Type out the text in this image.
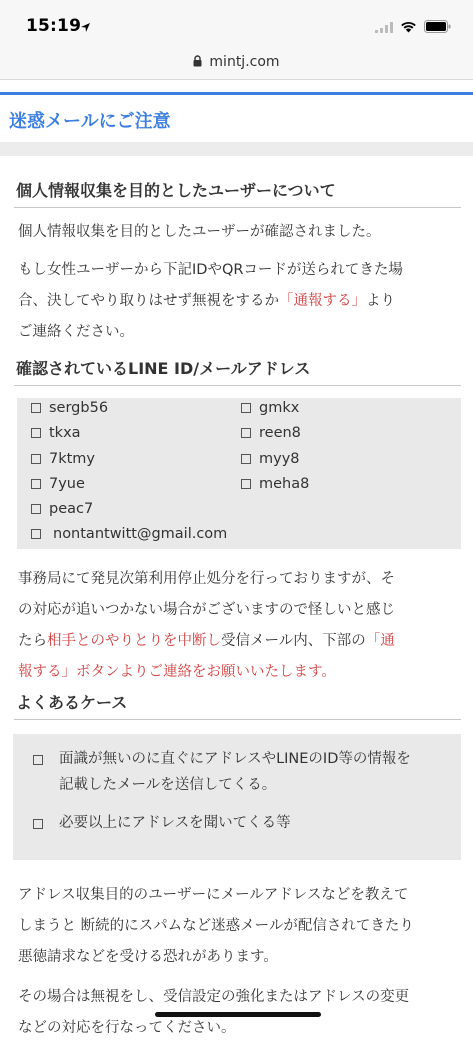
15:19
mintj.com
迷惑メールにご注意
個人情報収集を目的としたユーザーについて
個人情報収集を目的としたユーザーが確認されました。
もし女性ユーザーから下記IDやQRコードが送られてきた場
合、決してやり取りはせず無視をするか「通報する」より
ご連絡ください。
確認されているLINE ID/メールアドレス
sergb56
tkxa
7ktmy
7yue
peac7
nontantwitt@gmail.com
gmkx
reen8
myy8
meha8
事務局にて発見次第利用停止処分を行っておりますが、そ
の対応が追いつかない場合がございますので怪しいと感じ
たら相手とのやりとりを中断し受信メール内、下部の「通
報する」ボタンよりご連絡をお願いいたします。
よくあるケース
面識が無いのに直ぐにアドレスやLINEのID等の情報を
記載したメールを送信してくる。
必要以上にアドレスを聞いてくる等
アドレス収集目的のユーザーにメールアドレスなどを教えて
しまうと 断続的にスパムなど迷惑メールが配信されてきたり
悪徳請求などを受ける恐れがあります。
その場合は無視をし、受信設定の強化またはアドレスの変更
などの対応を行なってください。
